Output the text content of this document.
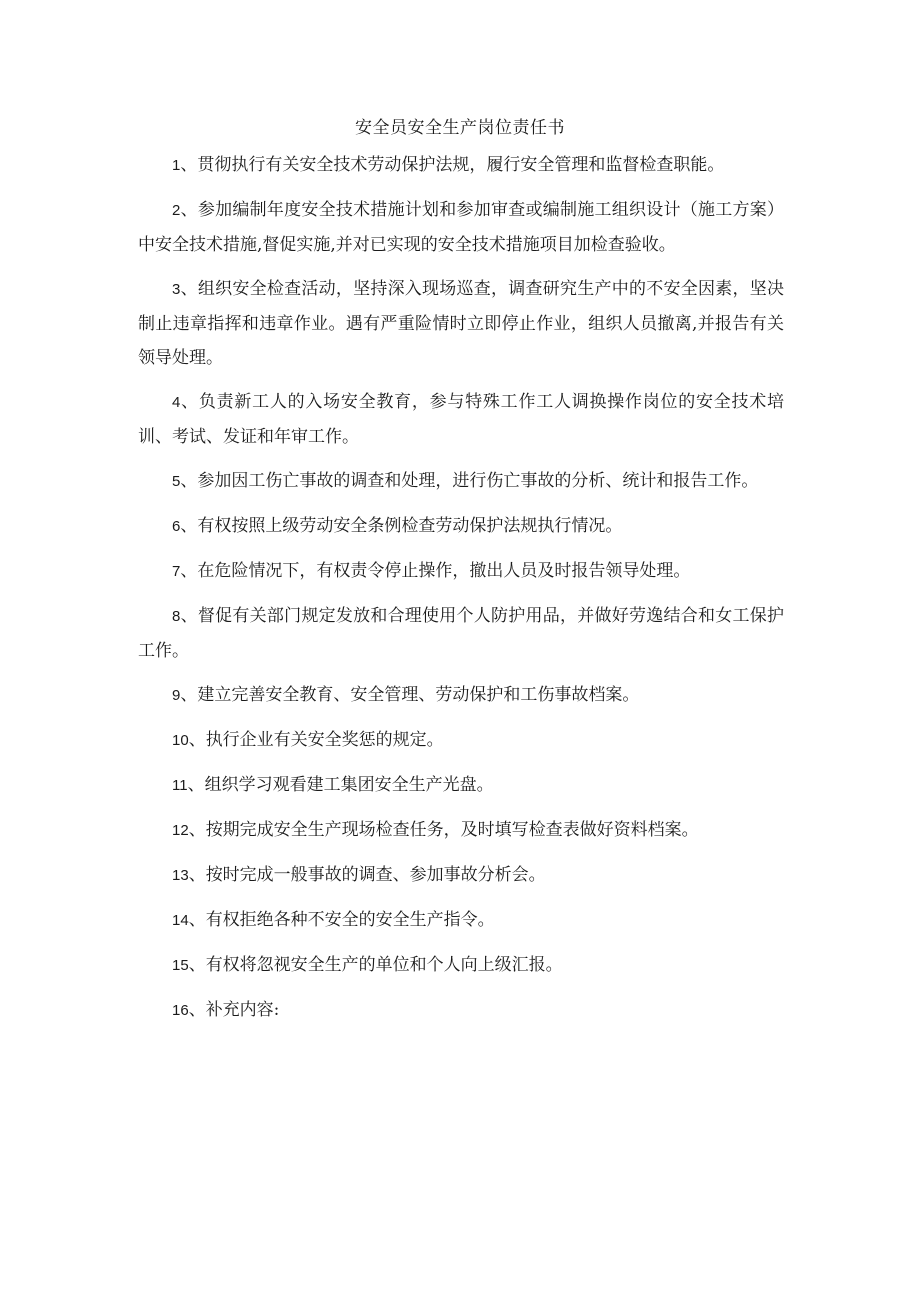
安全员安全生产岗位责任书

1、贯彻执行有关安全技术劳动保护法规，履行安全管理和监督检查职能。

2、参加编制年度安全技术措施计划和参加审查或编制施工组织设计（施工方案）中安全技术措施,督促实施,并对已实现的安全技术措施项目加检查验收。

3、组织安全检查活动，坚持深入现场巡查，调查研究生产中的不安全因素，坚决制止违章指挥和违章作业。遇有严重险情时立即停止作业，组织人员撤离,并报告有关领导处理。

4、负责新工人的入场安全教育，参与特殊工作工人调换操作岗位的安全技术培训、考试、发证和年审工作。

5、参加因工伤亡事故的调查和处理，进行伤亡事故的分析、统计和报告工作。

6、有权按照上级劳动安全条例检查劳动保护法规执行情况。

7、在危险情况下，有权责令停止操作，撤出人员及时报告领导处理。

8、督促有关部门规定发放和合理使用个人防护用品，并做好劳逸结合和女工保护工作。

9、建立完善安全教育、安全管理、劳动保护和工伤事故档案。

10、执行企业有关安全奖惩的规定。

11、组织学习观看建工集团安全生产光盘。

12、按期完成安全生产现场检查任务，及时填写检查表做好资料档案。

13、按时完成一般事故的调查、参加事故分析会。

14、有权拒绝各种不安全的安全生产指令。

15、有权将忽视安全生产的单位和个人向上级汇报。

16、补充内容:
